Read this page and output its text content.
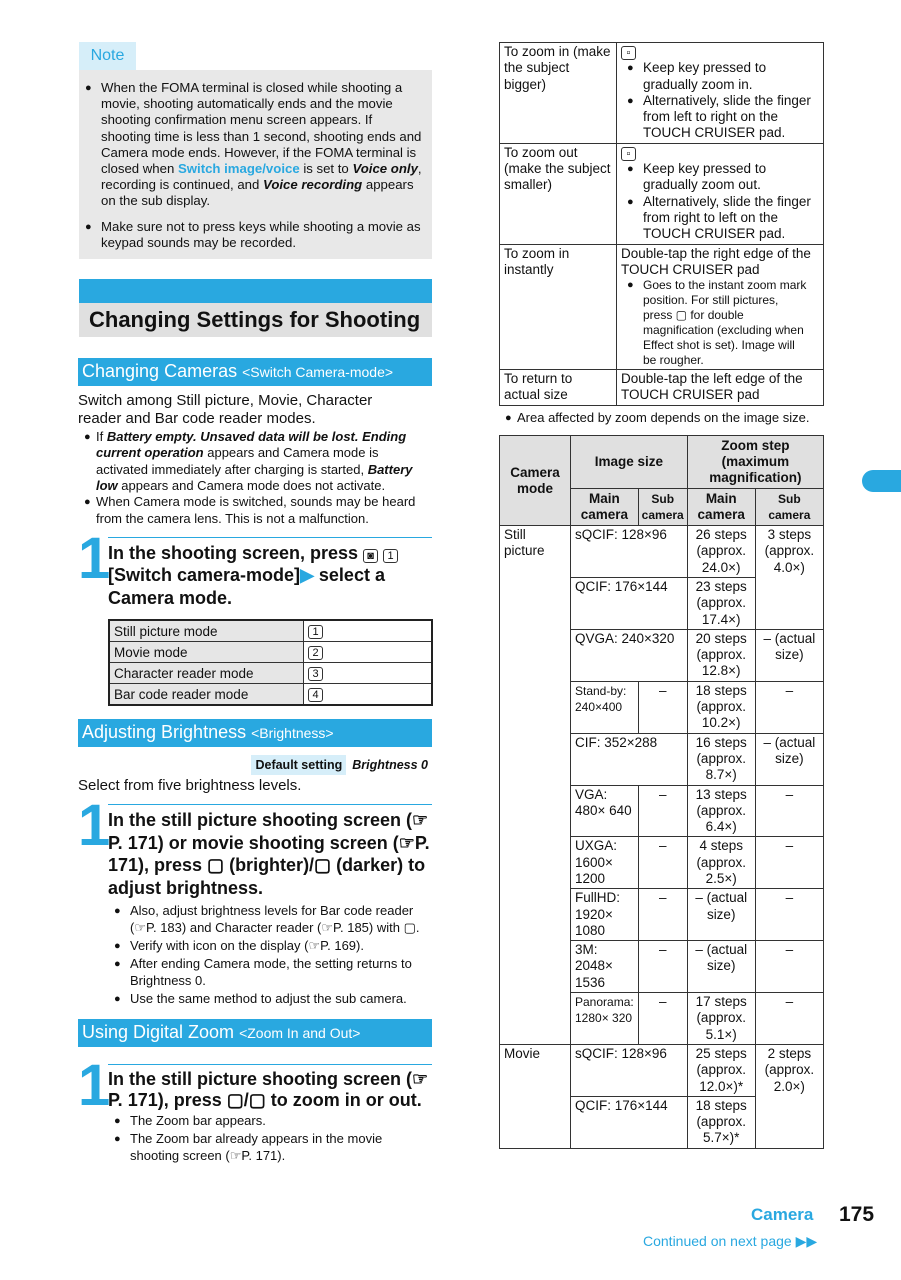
Note
● When the FOMA terminal is closed while shooting a movie, shooting automatically ends and the movie shooting confirmation menu screen appears. If shooting time is less than 1 second, shooting ends and Camera mode ends. However, if the FOMA terminal is closed when Switch image/voice is set to Voice only, recording is continued, and Voice recording appears on the sub display.
● Make sure not to press keys while shooting a movie as keypad sounds may be recorded.
Changing Settings for Shooting
Changing Cameras <Switch Camera-mode>
Switch among Still picture, Movie, Character reader and Bar code reader modes.
● If Battery empty. Unsaved data will be lost. Ending current operation appears and Camera mode is activated immediately after charging is started, Battery low appears and Camera mode does not activate.
● When Camera mode is switched, sounds may be heard from the camera lens. This is not a malfunction.
1
In the shooting screen, press ◙ 1
[Switch camera-mode]▶ select a Camera mode.
Still picture mode	1
Movie mode	2
Character reader mode	3
Bar code reader mode	4
Adjusting Brightness <Brightness>
Default setting Brightness 0
Select from five brightness levels.
1
In the still picture shooting screen (☞P. 171) or movie shooting screen (☞P. 171), press ▢ (brighter)/▢ (darker) to adjust brightness.
● Also, adjust brightness levels for Bar code reader (☞P. 183) and Character reader (☞P. 185) with ▢.
● Verify with icon on the display (☞P. 169).
● After ending Camera mode, the setting returns to Brightness 0.
● Use the same method to adjust the sub camera.
Using Digital Zoom <Zoom In and Out>
1
In the still picture shooting screen (☞P. 171), press ▢/▢ to zoom in or out.
● The Zoom bar appears.
● The Zoom bar already appears in the movie shooting screen (☞P. 171).
To zoom in (make the subject bigger)	▫
● Keep key pressed to gradually zoom in.
● Alternatively, slide the finger from left to right on the TOUCH CRUISER pad.

To zoom out (make the subject smaller)	▫
● Keep key pressed to gradually zoom out.
● Alternatively, slide the finger from right to left on the TOUCH CRUISER pad.

To zoom in instantly	Double-tap the right edge of the TOUCH CRUISER pad
● Goes to the instant zoom mark position. For still pictures, press ▢ for double magnification (excluding when Effect shot is set). Image will be rougher.

To return to actual size	Double-tap the left edge of the TOUCH CRUISER pad
● Area affected by zoom depends on the image size.
Camera mode	Image size		Zoom step (maximum magnification)	
	Main camera	Sub camera	Main camera	Sub camera
Still picture	sQCIF: 128×96		26 steps (approx. 24.0×)	3 steps (approx. 4.0×)
	QCIF: 176×144		23 steps (approx. 17.4×)	
	QVGA: 240×320		20 steps (approx. 12.8×)	– (actual size)
	Stand-by: 240×400	–	18 steps (approx. 10.2×)	–
	CIF: 352×288		16 steps (approx. 8.7×)	– (actual size)
	VGA: 480× 640	–	13 steps (approx. 6.4×)	–
	UXGA: 1600× 1200	–	4 steps (approx. 2.5×)	–
	FullHD: 1920× 1080	–	– (actual size)	–
	3M: 2048× 1536	–	– (actual size)	–
	Panorama: 1280× 320	–	17 steps (approx. 5.1×)	–
Movie	sQCIF: 128×96		25 steps (approx. 12.0×)*	2 steps (approx. 2.0×)
	QCIF: 176×144		18 steps (approx. 5.7×)*	
Camera 175
Continued on next page ▶▶
